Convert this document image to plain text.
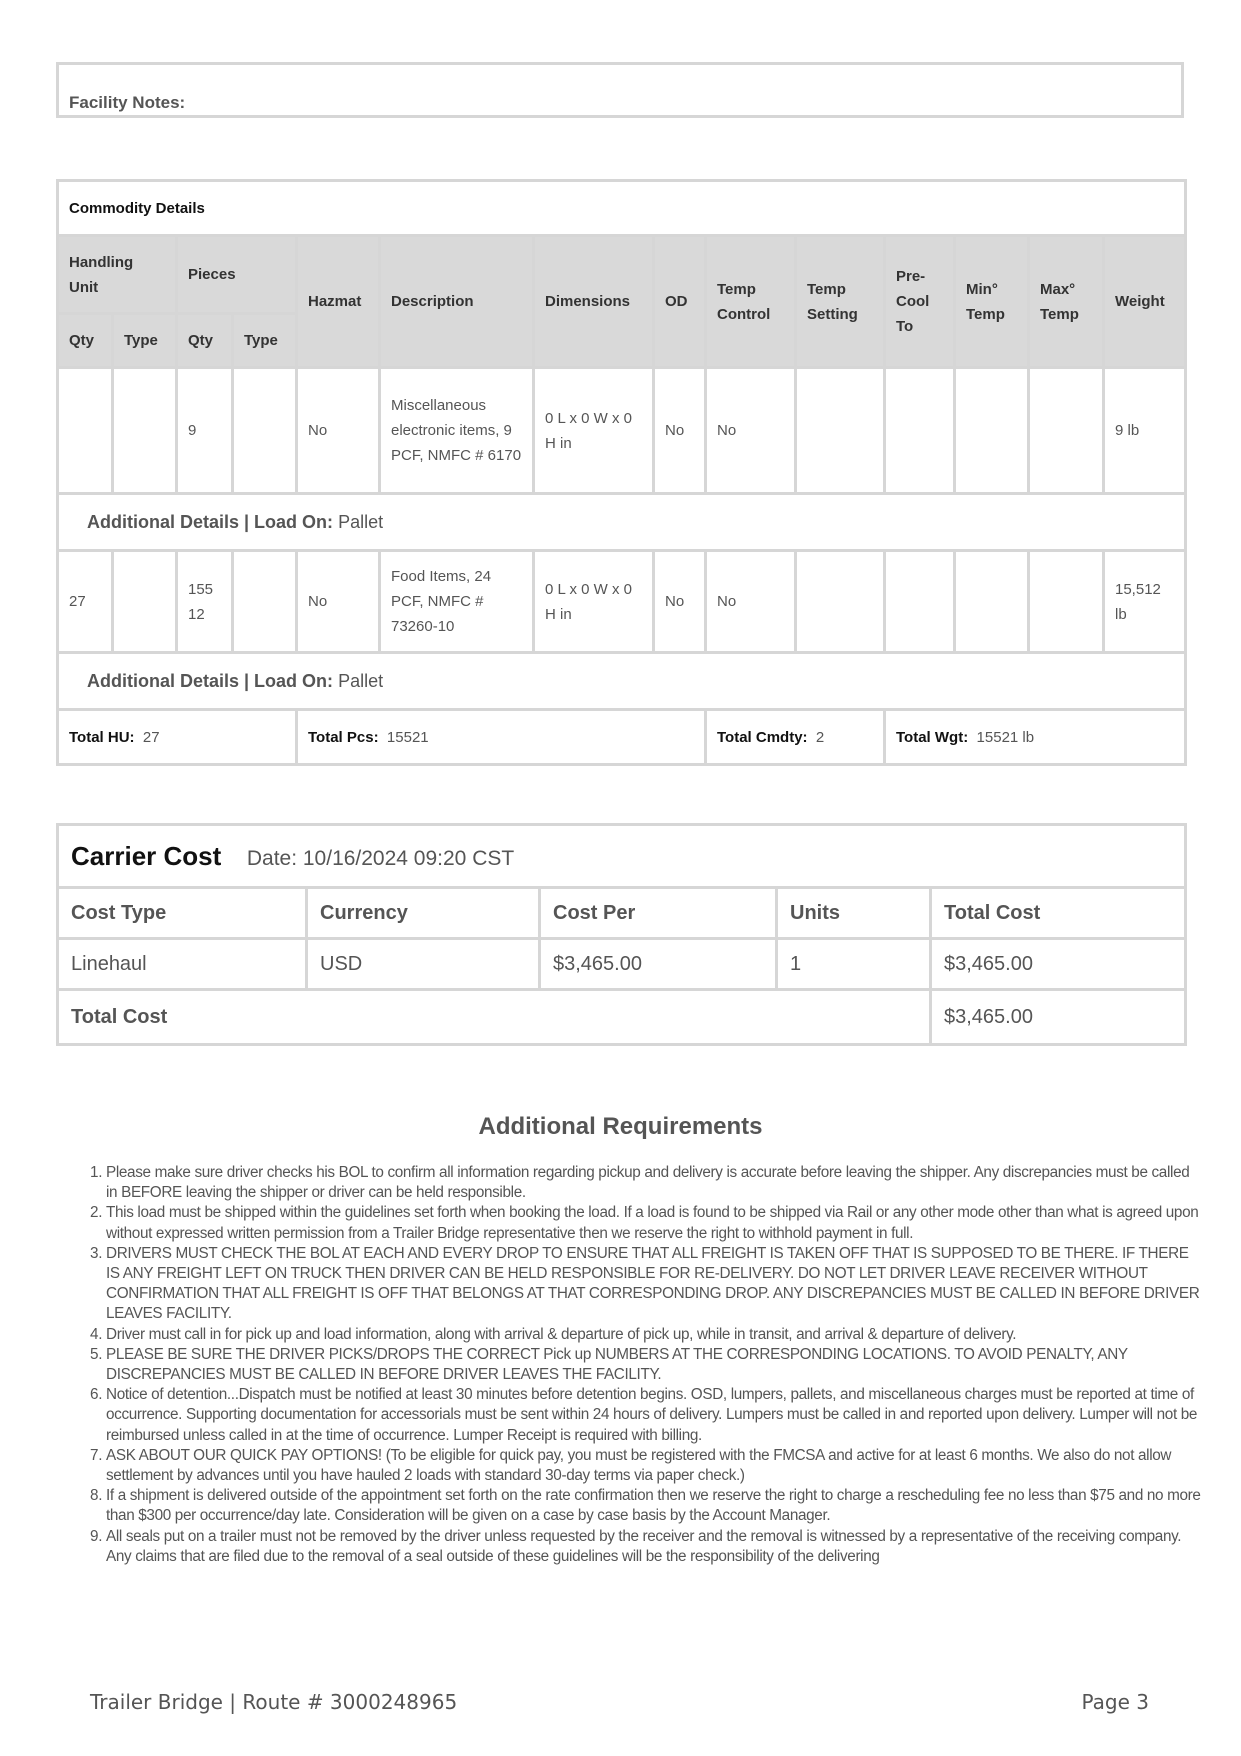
Facility Notes:
Commodity Details													
Handling Unit		Pieces		Hazmat	Description	Dimensions	OD	Temp Control	Temp Setting	Pre-Cool To	Min° Temp	Max° Temp	Weight
Qty	Type	Qty	Type										
		9		No	Miscellaneous electronic items, 9 PCF, NMFC # 6170	0 L x 0 W x 0 H in	No	No					9 lb
Additional Details | Load On: Pallet													
27		155 12		No	Food Items, 24 PCF, NMFC # 73260-10	0 L x 0 W x 0 H in	No	No					15,512 lb
Additional Details | Load On: Pallet													
Total HU: 27				Total Pcs: 15521				Total Cmdty: 2		Total Wgt: 15521 lb			
Carrier Cost Date: 10/16/2024 09:20 CST				
Cost Type	Currency	Cost Per	Units	Total Cost
Linehaul	USD	$3,465.00	1	$3,465.00
Total Cost				$3,465.00
Additional Requirements
1. Please make sure driver checks his BOL to confirm all information regarding pickup and delivery is accurate before leaving the shipper. Any discrepancies must be called in BEFORE leaving the shipper or driver can be held responsible.
2. This load must be shipped within the guidelines set forth when booking the load. If a load is found to be shipped via Rail or any other mode other than what is agreed upon without expressed written permission from a Trailer Bridge representative then we reserve the right to withhold payment in full.
3. DRIVERS MUST CHECK THE BOL AT EACH AND EVERY DROP TO ENSURE THAT ALL FREIGHT IS TAKEN OFF THAT IS SUPPOSED TO BE THERE. IF THERE IS ANY FREIGHT LEFT ON TRUCK THEN DRIVER CAN BE HELD RESPONSIBLE FOR RE-DELIVERY. DO NOT LET DRIVER LEAVE RECEIVER WITHOUT CONFIRMATION THAT ALL FREIGHT IS OFF THAT BELONGS AT THAT CORRESPONDING DROP. ANY DISCREPANCIES MUST BE CALLED IN BEFORE DRIVER LEAVES FACILITY.
4. Driver must call in for pick up and load information, along with arrival & departure of pick up, while in transit, and arrival & departure of delivery.
5. PLEASE BE SURE THE DRIVER PICKS/DROPS THE CORRECT Pick up NUMBERS AT THE CORRESPONDING LOCATIONS. TO AVOID PENALTY, ANY DISCREPANCIES MUST BE CALLED IN BEFORE DRIVER LEAVES THE FACILITY.
6. Notice of detention...Dispatch must be notified at least 30 minutes before detention begins. OSD, lumpers, pallets, and miscellaneous charges must be reported at time of occurrence. Supporting documentation for accessorials must be sent within 24 hours of delivery. Lumpers must be called in and reported upon delivery. Lumper will not be reimbursed unless called in at the time of occurrence. Lumper Receipt is required with billing.
7. ASK ABOUT OUR QUICK PAY OPTIONS! (To be eligible for quick pay, you must be registered with the FMCSA and active for at least 6 months. We also do not allow settlement by advances until you have hauled 2 loads with standard 30-day terms via paper check.)
8. If a shipment is delivered outside of the appointment set forth on the rate confirmation then we reserve the right to charge a rescheduling fee no less than $75 and no more than $300 per occurrence/day late. Consideration will be given on a case by case basis by the Account Manager.
9. All seals put on a trailer must not be removed by the driver unless requested by the receiver and the removal is witnessed by a representative of the receiving company. Any claims that are filed due to the removal of a seal outside of these guidelines will be the responsibility of the delivering
Trailer Bridge | Route # 3000248965	Page 3
